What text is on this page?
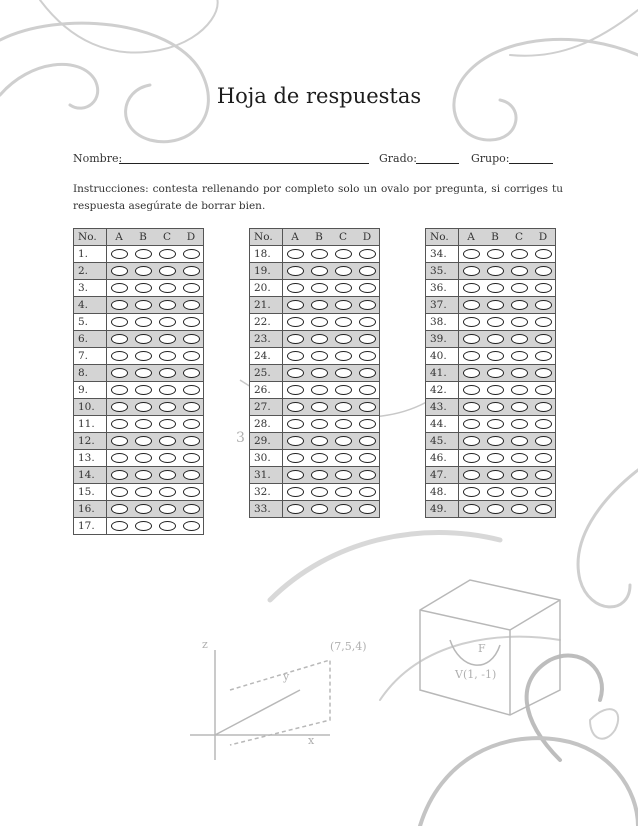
(7,5,4)
V(1, -1)
F
z
y
x
3
Hoja de respuestas
Nombre:	Grado:	Grupo:
Instrucciones: contesta rellenando por completo solo un ovalo por pregunta, si corriges tu respuesta asegúrate de borrar bien.
No.	A	B	C	D
1.				
2.				
3.				
4.				
5.				
6.				
7.				
8.				
9.				
10.				
11.				
12.				
13.				
14.				
15.				
16.				
17.				
No.	A	B	C	D
18.				
19.				
20.				
21.				
22.				
23.				
24.				
25.				
26.				
27.				
28.				
29.				
30.				
31.				
32.				
33.				
No.	A	B	C	D
34.				
35.				
36.				
37.				
38.				
39.				
40.				
41.				
42.				
43.				
44.				
45.				
46.				
47.				
48.				
49.				
